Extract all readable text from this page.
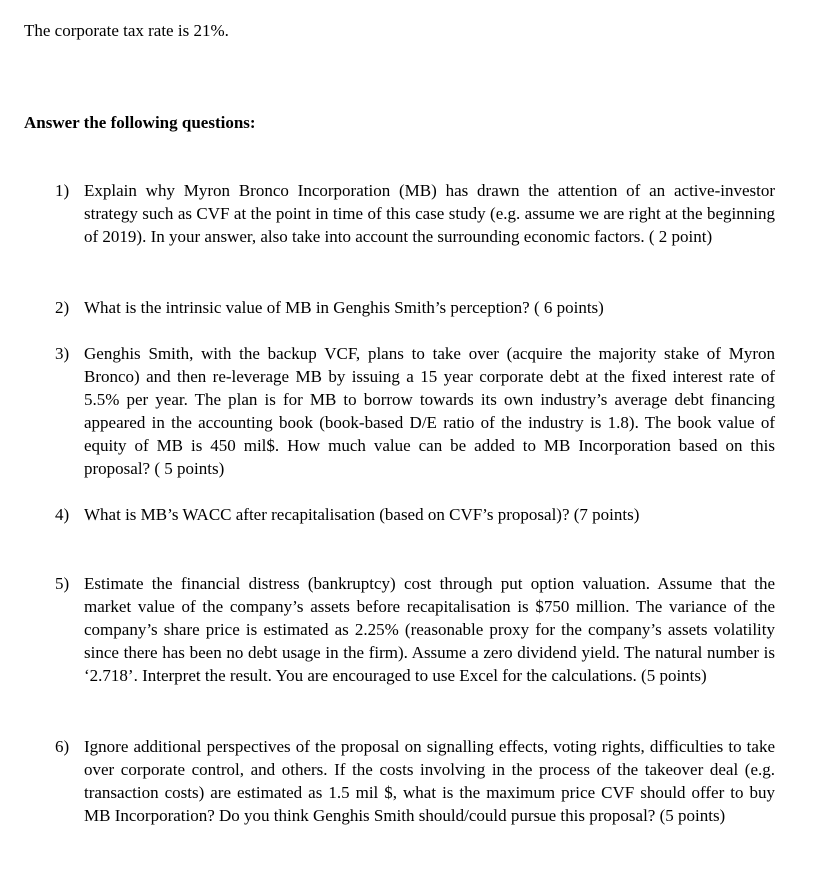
The corporate tax rate is 21%.

Answer the following questions:

1) Explain why Myron Bronco Incorporation (MB) has drawn the attention of an active-investor strategy such as CVF at the point in time of this case study (e.g. assume we are right at the beginning of 2019). In your answer, also take into account the surrounding economic factors. ( 2 point)
2) What is the intrinsic value of MB in Genghis Smith’s perception? ( 6 points)
3) Genghis Smith, with the backup VCF, plans to take over (acquire the majority stake of Myron Bronco) and then re-leverage MB by issuing a 15 year corporate debt at the fixed interest rate of 5.5% per year. The plan is for MB to borrow towards its own industry’s average debt financing appeared in the accounting book (book-based D/E ratio of the industry is 1.8). The book value of equity of MB is 450 mil$. How much value can be added to MB Incorporation based on this proposal? ( 5 points)
4) What is MB’s WACC after recapitalisation (based on CVF’s proposal)? (7 points)
5) Estimate the financial distress (bankruptcy) cost through put option valuation. Assume that the market value of the company’s assets before recapitalisation is $750 million. The variance of the company’s share price is estimated as 2.25% (reasonable proxy for the company’s assets volatility since there has been no debt usage in the firm). Assume a zero dividend yield. The natural number is ‘2.718’. Interpret the result. You are encouraged to use Excel for the calculations. (5 points)
6) Ignore additional perspectives of the proposal on signalling effects, voting rights, difficulties to take over corporate control, and others. If the costs involving in the process of the takeover deal (e.g. transaction costs) are estimated as 1.5 mil $, what is the maximum price CVF should offer to buy MB Incorporation? Do you think Genghis Smith should/could pursue this proposal? (5 points)
